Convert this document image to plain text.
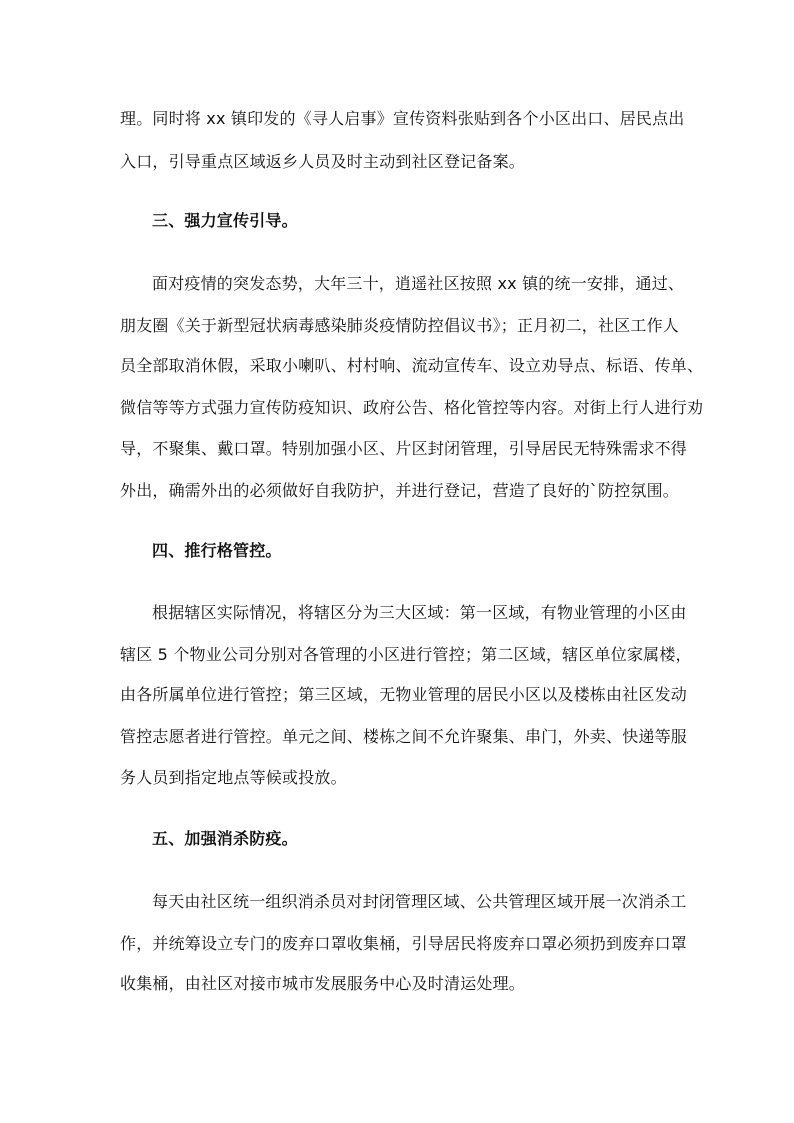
理。同时将 xx 镇印发的《寻人启事》宣传资料张贴到各个小区出口、居民点出
入口，引导重点区域返乡人员及时主动到社区登记备案。
三、强力宣传引导。
面对疫情的突发态势，大年三十，逍遥社区按照 xx 镇的统一安排，通过、
朋友圈《关于新型冠状病毒感染肺炎疫情防控倡议书》；正月初二，社区工作人
员全部取消休假，采取小喇叭、村村响、流动宣传车、设立劝导点、标语、传单、
微信等等方式强力宣传防疫知识、政府公告、格化管控等内容。对街上行人进行劝
导，不聚集、戴口罩。特别加强小区、片区封闭管理，引导居民无特殊需求不得
外出，确需外出的必须做好自我防护，并进行登记，营造了良好的`防控氛围。
四、推行格管控。
根据辖区实际情况，将辖区分为三大区域：第一区域，有物业管理的小区由
辖区 5 个物业公司分别对各管理的小区进行管控；第二区域，辖区单位家属楼，
由各所属单位进行管控；第三区域，无物业管理的居民小区以及楼栋由社区发动
管控志愿者进行管控。单元之间、楼栋之间不允许聚集、串门，外卖、快递等服
务人员到指定地点等候或投放。
五、加强消杀防疫。
每天由社区统一组织消杀员对封闭管理区域、公共管理区域开展一次消杀工
作，并统筹设立专门的废弃口罩收集桶，引导居民将废弃口罩必须扔到废弃口罩
收集桶，由社区对接市城市发展服务中心及时清运处理。
